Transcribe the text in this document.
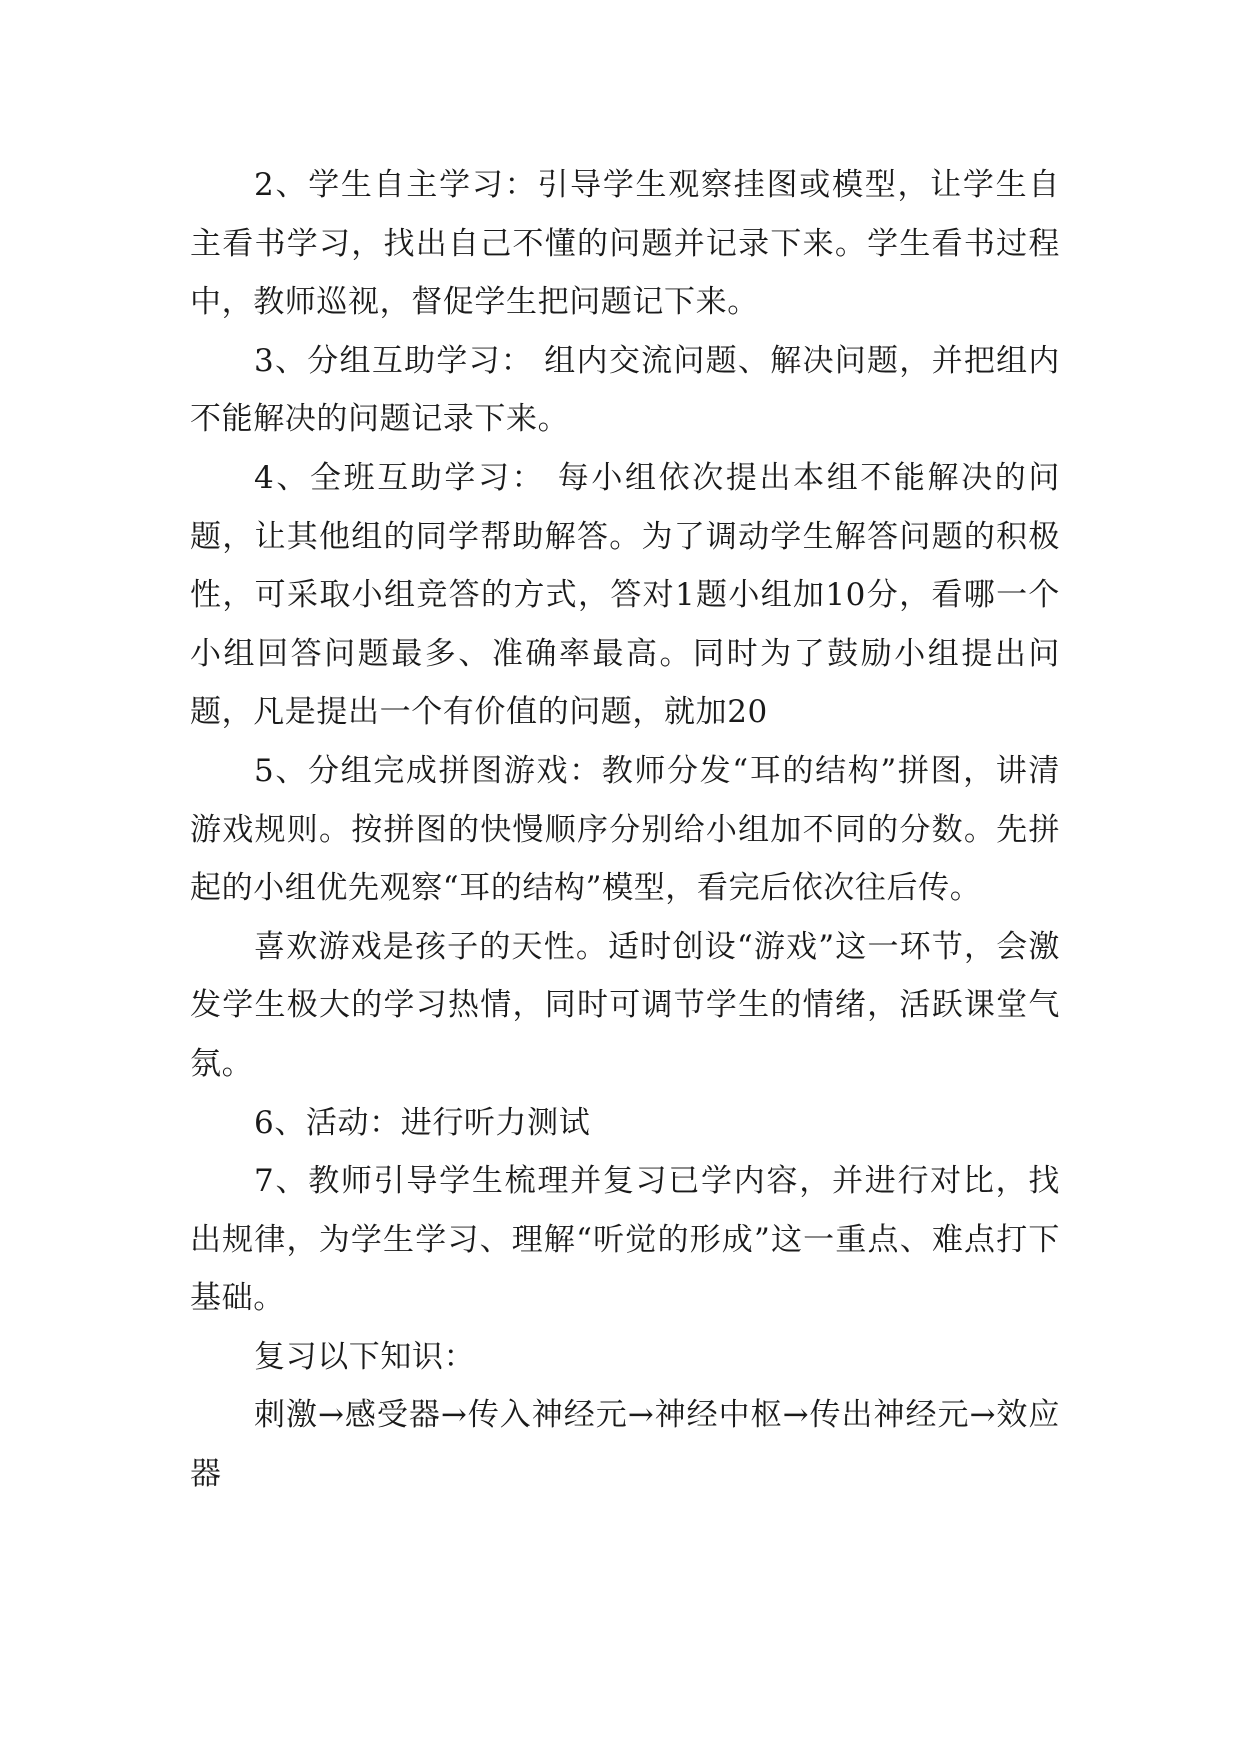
2、学生自主学习：引导学生观察挂图或模型，让学生自主看书学习，找出自己不懂的问题并记录下来。学生看书过程中，教师巡视，督促学生把问题记下来。

3、分组互助学习： 组内交流问题、解决问题，并把组内不能解决的问题记录下来。

4、全班互助学习： 每小组依次提出本组不能解决的问题，让其他组的同学帮助解答。为了调动学生解答问题的积极性，可采取小组竞答的方式，答对1题小组加10分，看哪一个小组回答问题最多、准确率最高。同时为了鼓励小组提出问题，凡是提出一个有价值的问题，就加20

5、分组完成拼图游戏：教师分发“耳的结构”拼图，讲清游戏规则。按拼图的快慢顺序分别给小组加不同的分数。先拼起的小组优先观察“耳的结构”模型，看完后依次往后传。

喜欢游戏是孩子的天性。适时创设“游戏”这一环节，会激发学生极大的学习热情，同时可调节学生的情绪，活跃课堂气氛。

6、活动：进行听力测试

7、教师引导学生梳理并复习已学内容，并进行对比，找出规律，为学生学习、理解“听觉的形成”这一重点、难点打下基础。

复习以下知识：

刺激→感受器→传入神经元→神经中枢→传出神经元→效应器
